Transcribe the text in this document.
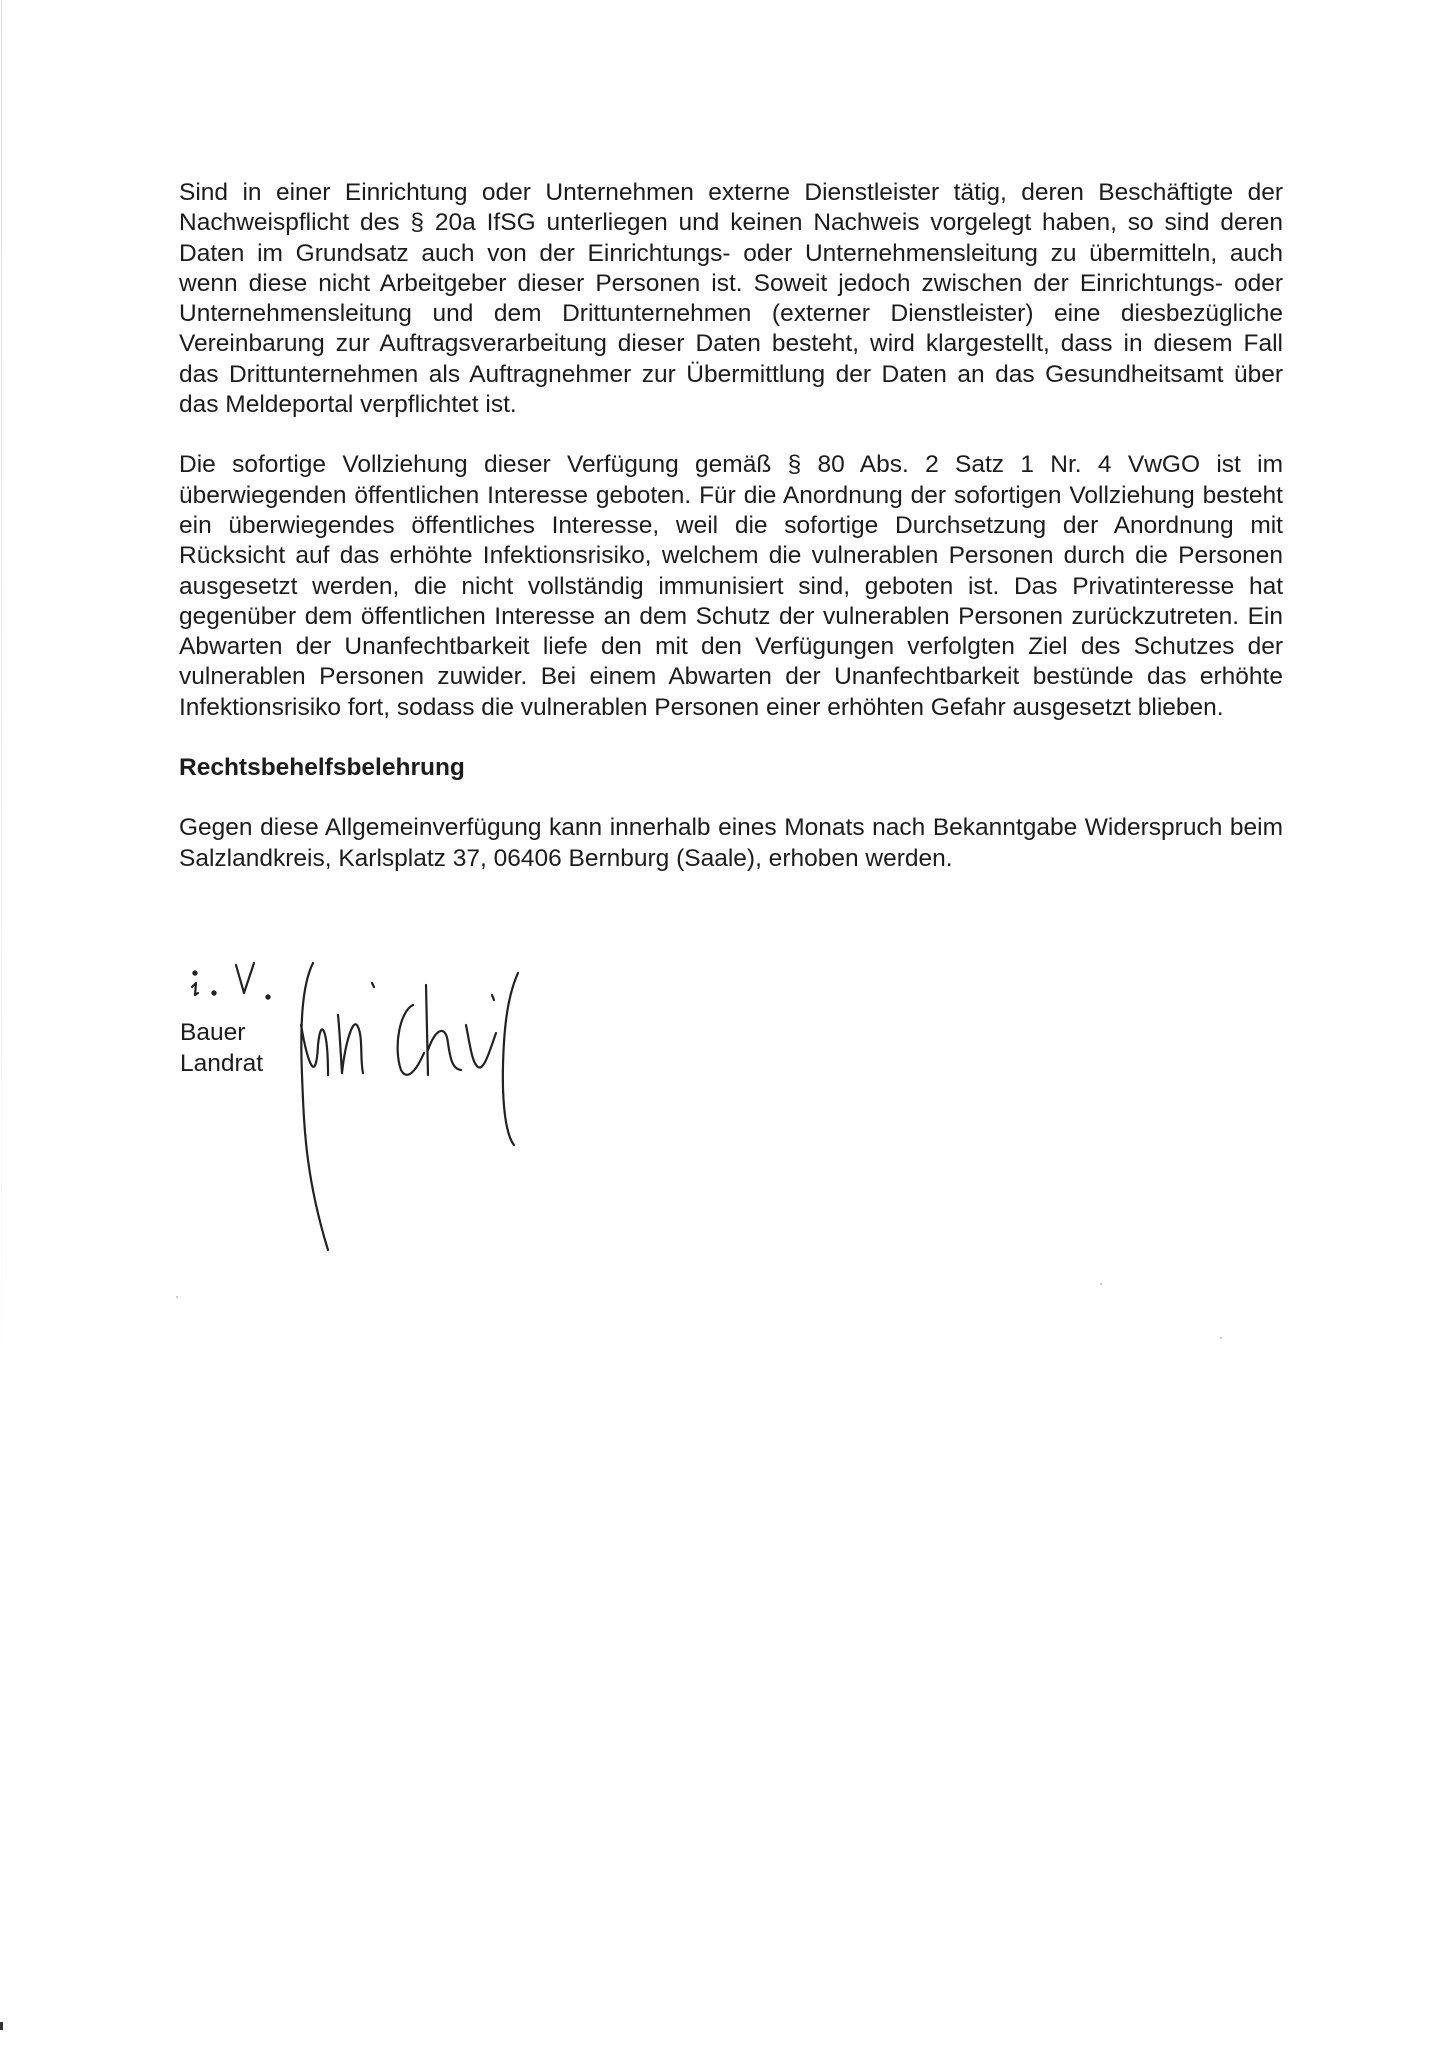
Sind in einer Einrichtung oder Unternehmen externe Dienstleister tätig, deren Beschäftigte der Nachweispflicht des § 20a IfSG unterliegen und keinen Nachweis vorgelegt haben, so sind deren Daten im Grundsatz auch von der Einrichtungs- oder Unternehmensleitung zu übermitteln, auch wenn diese nicht Arbeitgeber dieser Personen ist. Soweit jedoch zwischen der Einrichtungs- oder Unternehmensleitung und dem Drittunternehmen (externer Dienstleister) eine diesbezügliche Vereinbarung zur Auftragsverarbeitung dieser Daten besteht, wird klargestellt, dass in diesem Fall das Drittunternehmen als Auftragnehmer zur Übermittlung der Daten an das Gesundheitsamt über das Meldeportal verpflichtet ist.

Die sofortige Vollziehung dieser Verfügung gemäß § 80 Abs. 2 Satz 1 Nr. 4 VwGO ist im überwiegenden öffentlichen Interesse geboten. Für die Anordnung der sofortigen Vollziehung besteht ein überwiegendes öffentliches Interesse, weil die sofortige Durchsetzung der Anordnung mit Rücksicht auf das erhöhte Infektionsrisiko, welchem die vulnerablen Personen durch die Personen ausgesetzt werden, die nicht vollständig immunisiert sind, geboten ist. Das Privatinteresse hat gegenüber dem öffentlichen Interesse an dem Schutz der vulnerablen Personen zurückzutreten. Ein Abwarten der Unanfechtbarkeit liefe den mit den Verfügungen verfolgten Ziel des Schutzes der vulnerablen Personen zuwider. Bei einem Abwarten der Unanfechtbarkeit bestünde das erhöhte Infektionsrisiko fort, sodass die vulnerablen Personen einer erhöhten Gefahr ausgesetzt blieben.

Rechtsbehelfsbelehrung

Gegen diese Allgemeinverfügung kann innerhalb eines Monats nach Bekanntgabe Widerspruch beim Salzlandkreis, Karlsplatz 37, 06406 Bernburg (Saale), erhoben werden.

Bauer
Landrat
